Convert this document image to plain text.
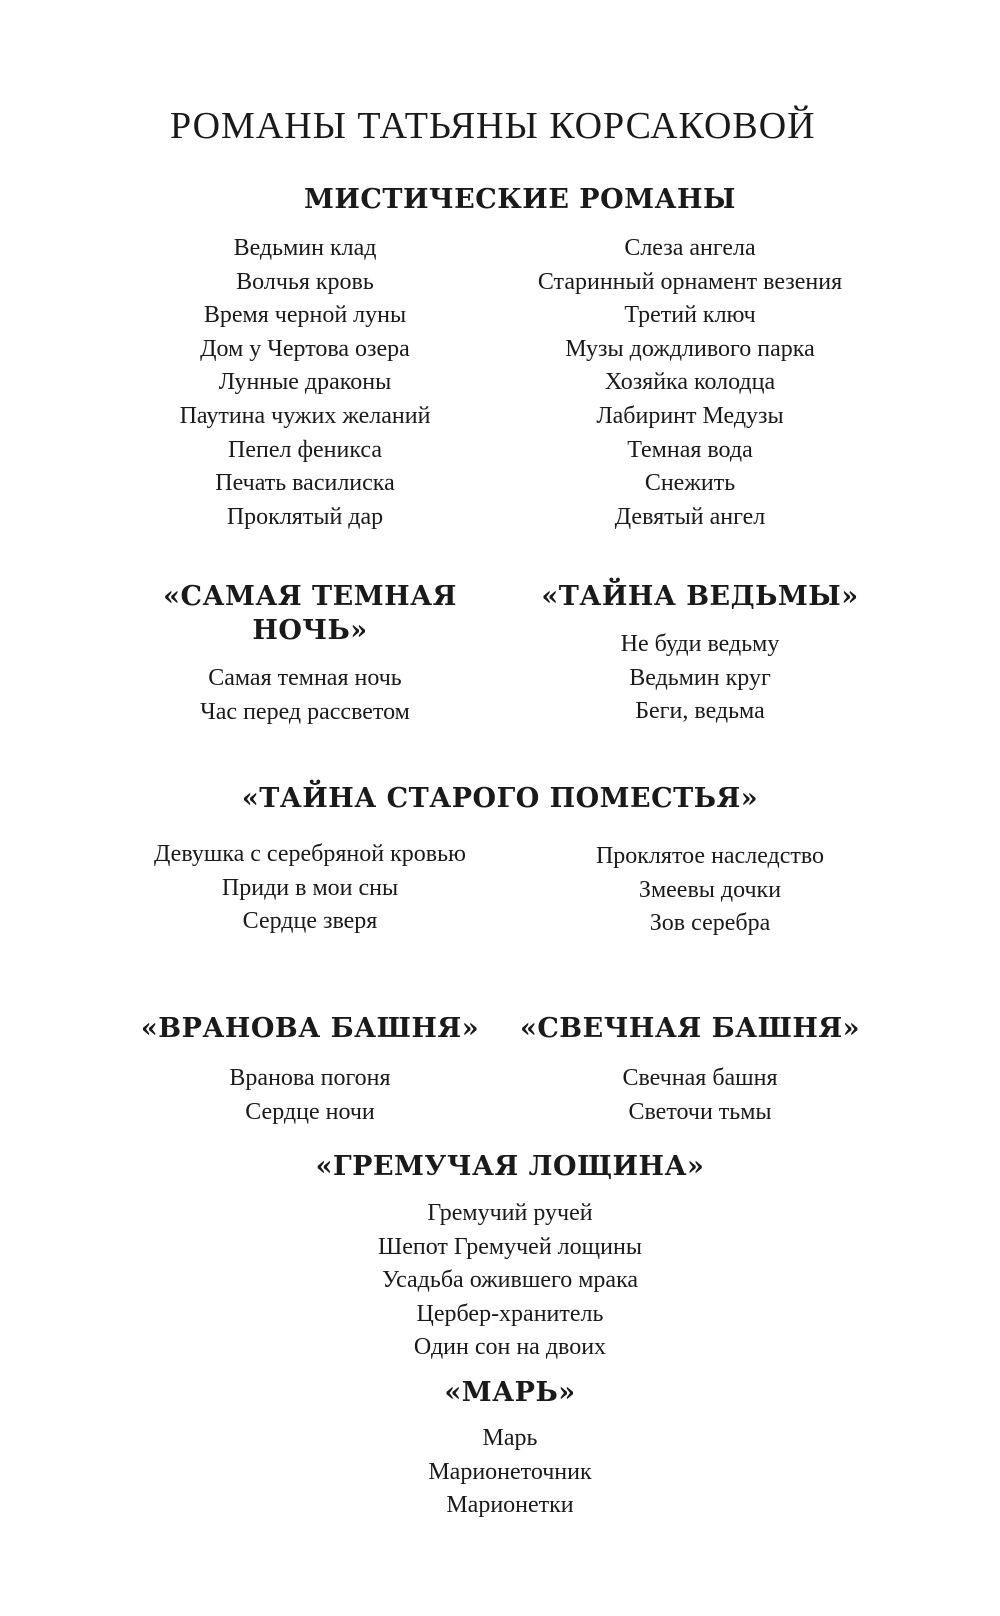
РОМАНЫ ТАТЬЯНЫ КОРСАКОВОЙ
МИСТИЧЕСКИЕ РОМАНЫ
Ведьмин клад
Волчья кровь
Время черной луны
Дом у Чертова озера
Лунные драконы
Паутина чужих желаний
Пепел феникса
Печать василиска
Проклятый дар
Слеза ангела
Старинный орнамент везения
Третий ключ
Музы дождливого парка
Хозяйка колодца
Лабиринт Медузы
Темная вода
Снежить
Девятый ангел
«САМАЯ ТЕМНАЯ
НОЧЬ»
Самая темная ночь
Час перед рассветом
«ТАЙНА ВЕДЬМЫ»
Не буди ведьму
Ведьмин круг
Беги, ведьма
«ТАЙНА СТАРОГО ПОМЕСТЬЯ»
Девушка с серебряной кровью
Приди в мои сны
Сердце зверя
Проклятое наследство
Змеевы дочки
Зов серебра
«ВРАНОВА БАШНЯ»
Вранова погоня
Сердце ночи
«СВЕЧНАЯ БАШНЯ»
Свечная башня
Светочи тьмы
«ГРЕМУЧАЯ ЛОЩИНА»
Гремучий ручей
Шепот Гремучей лощины
Усадьба ожившего мрака
Цербер-хранитель
Один сон на двоих
«МАРЬ»
Марь
Марионеточник
Марионетки
